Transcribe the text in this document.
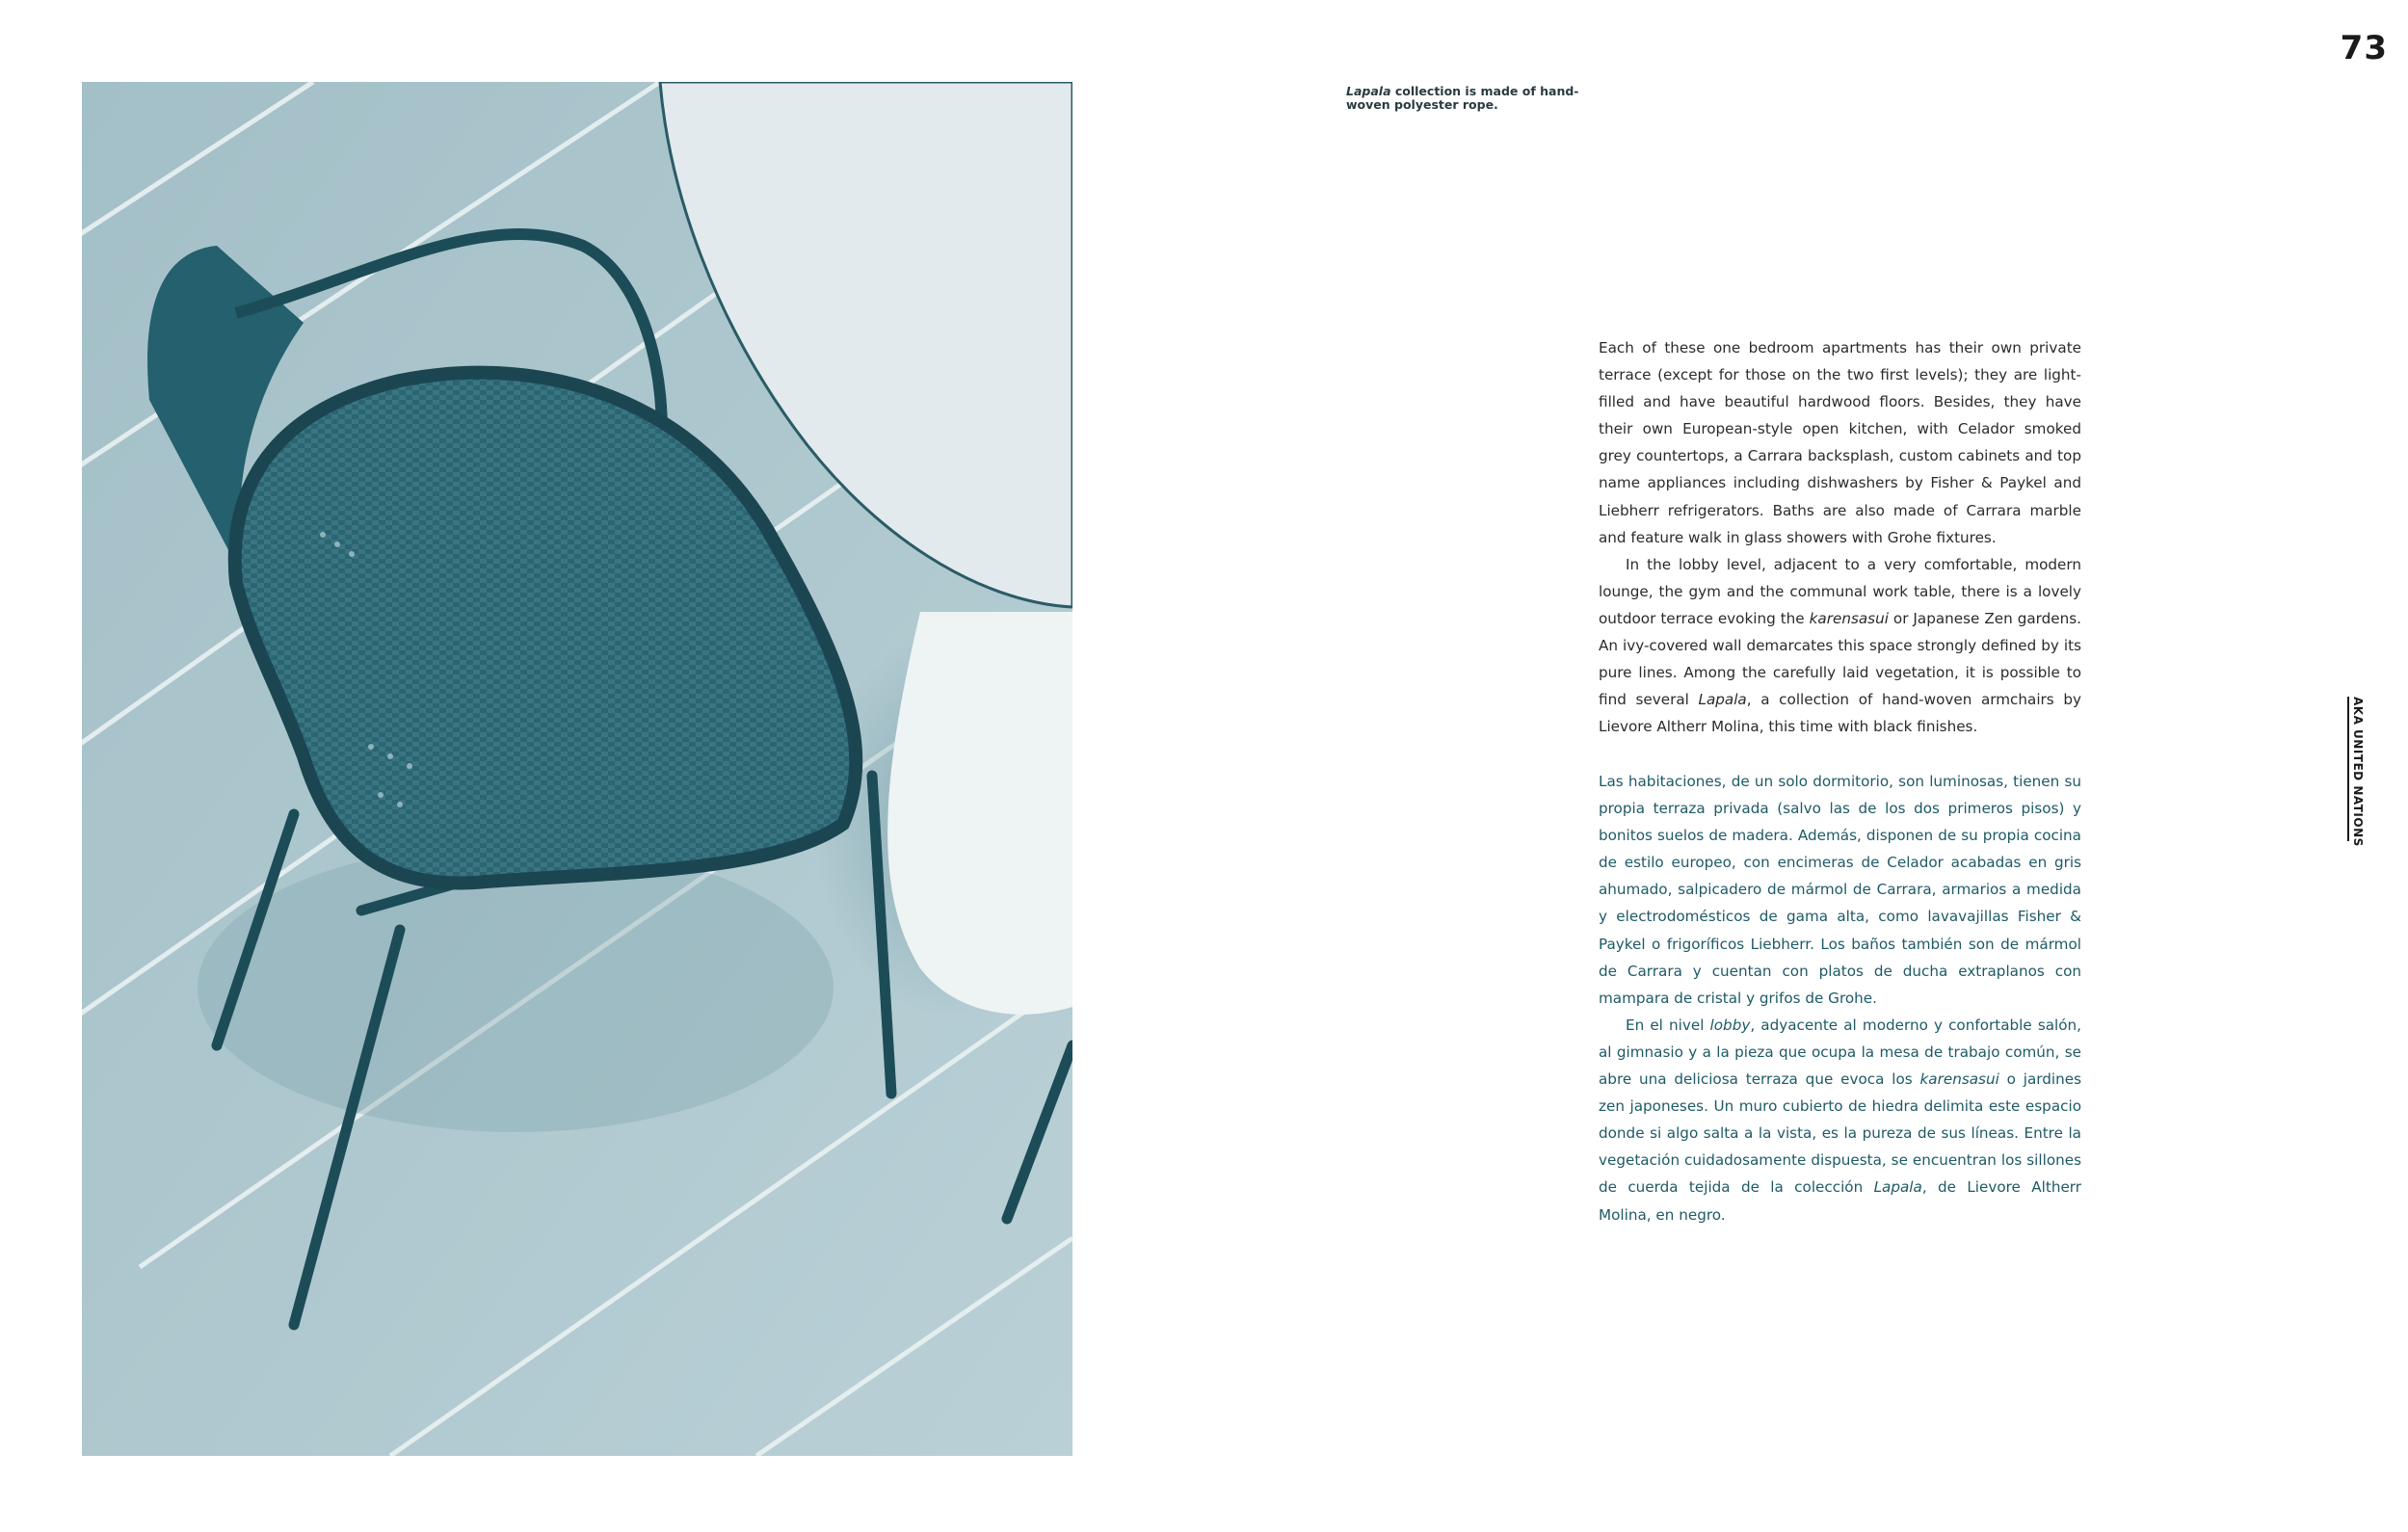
Lapala collection is made of hand-woven polyester rope.
73
AKA UNITED NATIONS

Each of these one bedroom apartments has their own private terrace (except for those on the two first levels); they are light-filled and have beautiful hardwood floors. Besides, they have their own European-style open kitchen, with Celador smoked grey countertops, a Carrara backsplash, custom cabinets and top name appliances including dishwashers by Fisher & Paykel and Liebherr refrigerators. Baths are also made of Carrara marble and feature walk in glass showers with Grohe fixtures.

In the lobby level, adjacent to a very comfortable, modern lounge, the gym and the communal work table, there is a lovely outdoor terrace evoking the karensasui or Japanese Zen gardens. An ivy-covered wall demarcates this space strongly defined by its pure lines. Among the carefully laid vegetation, it is possible to find several Lapala, a collection of hand-woven armchairs by Lievore Altherr Molina, this time with black finishes.

Las habitaciones, de un solo dormitorio, son luminosas, tienen su propia terraza privada (salvo las de los dos primeros pisos) y bonitos suelos de madera. Además, disponen de su propia cocina de estilo europeo, con encimeras de Celador acabadas en gris ahumado, salpicadero de mármol de Carrara, armarios a medida y electrodomésticos de gama alta, como lavavajillas Fisher & Paykel o frigoríficos Liebherr. Los baños también son de mármol de Carrara y cuentan con platos de ducha extraplanos con mampara de cristal y grifos de Grohe.

En el nivel lobby, adyacente al moderno y confortable salón, al gimnasio y a la pieza que ocupa la mesa de trabajo común, se abre una deliciosa terraza que evoca los karensasui o jardines zen japoneses. Un muro cubierto de hiedra delimita este espacio donde si algo salta a la vista, es la pureza de sus líneas. Entre la vegetación cuidadosamente dispuesta, se encuentran los sillones de cuerda tejida de la colección Lapala, de Lievore Altherr Molina, en negro.
